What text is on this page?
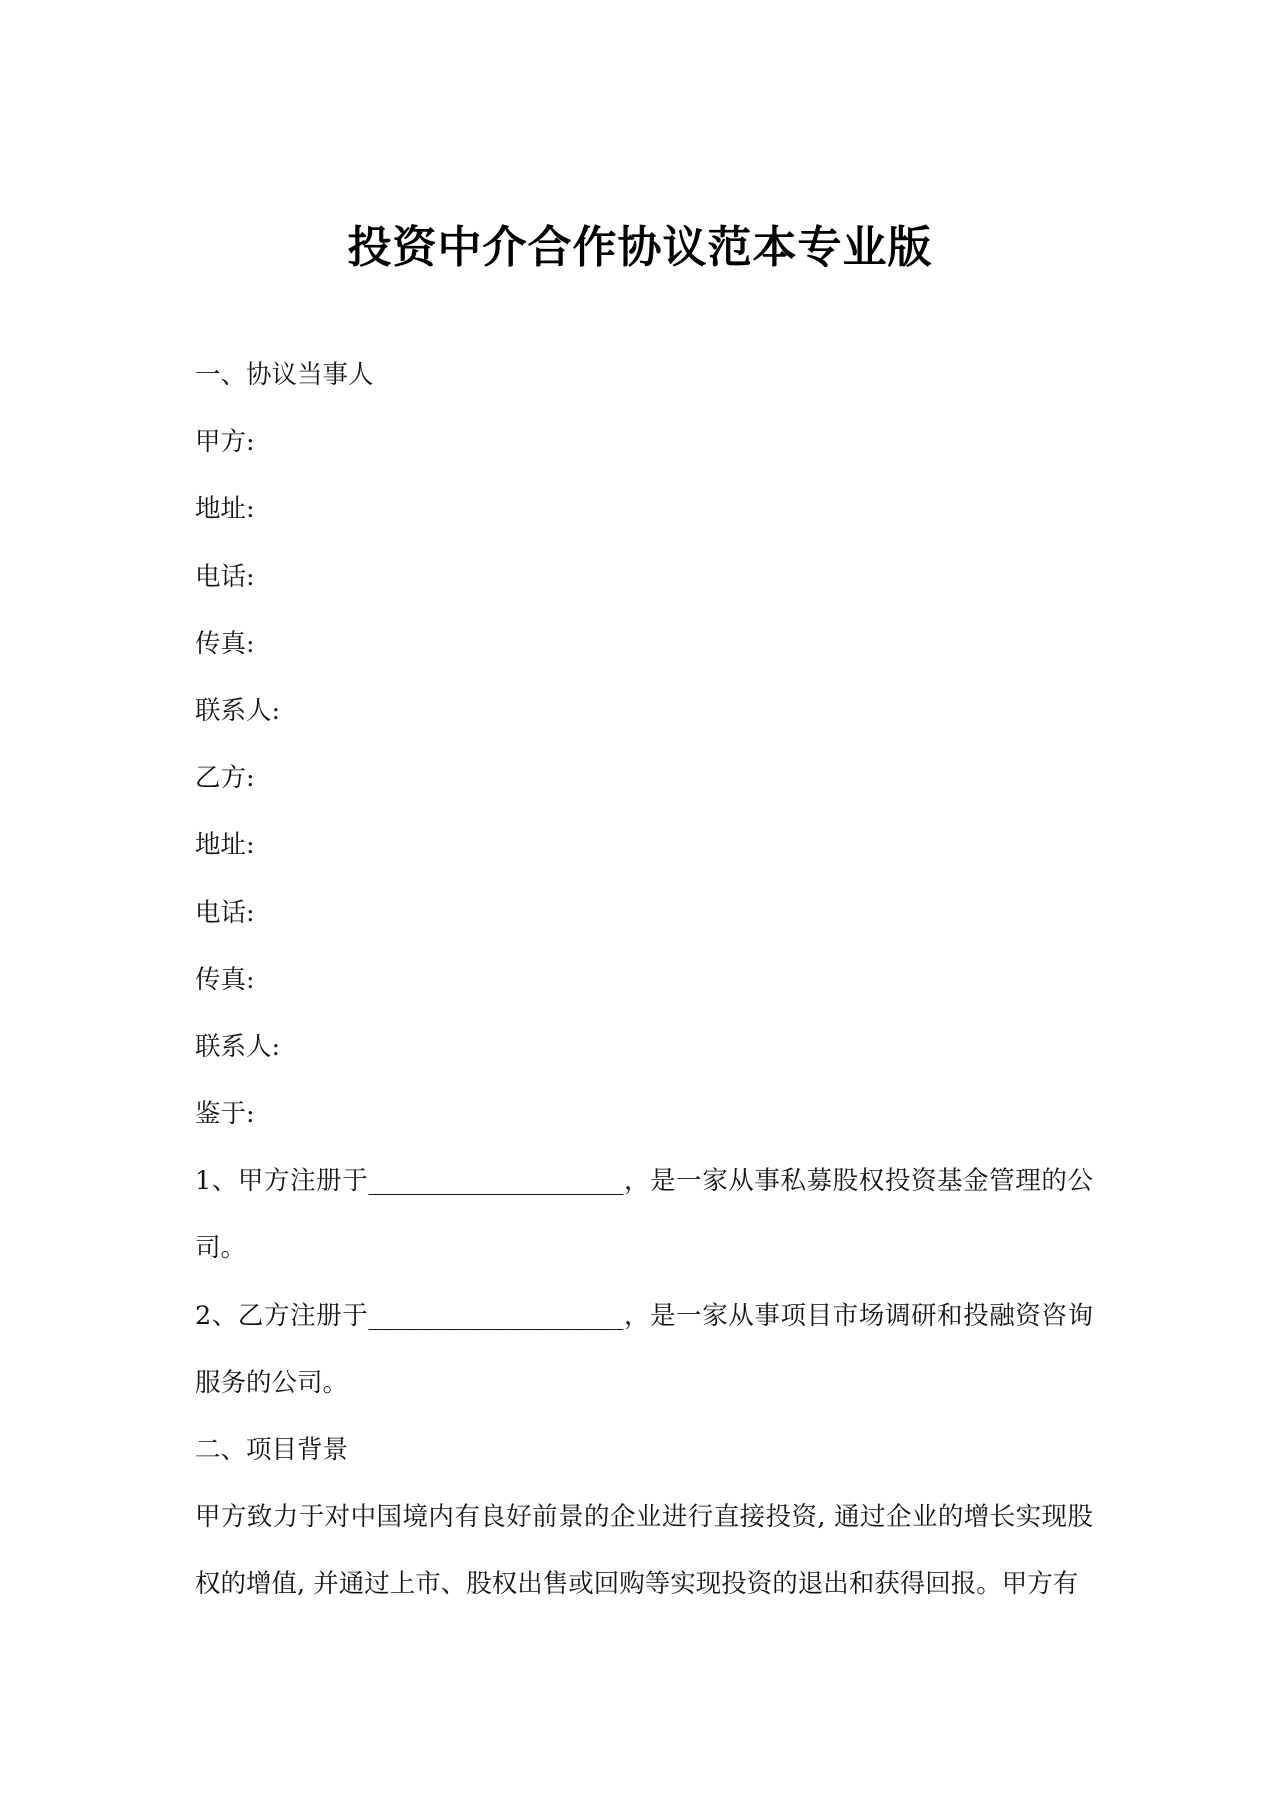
投资中介合作协议范本专业版
一、协议当事人
甲方:
地址:
电话:
传真:
联系人:
乙方:
地址:
电话:
传真:
联系人:
鉴于:
1、甲方注册于____________________，是一家从事私募股权投资基金管理的公司。
2、乙方注册于____________________，是一家从事项目市场调研和投融资咨询服务的公司。
二、项目背景
甲方致力于对中国境内有良好前景的企业进行直接投资, 通过企业的增长实现股权的增值, 并通过上市、股权出售或回购等实现投资的退出和获得回报。甲方有
